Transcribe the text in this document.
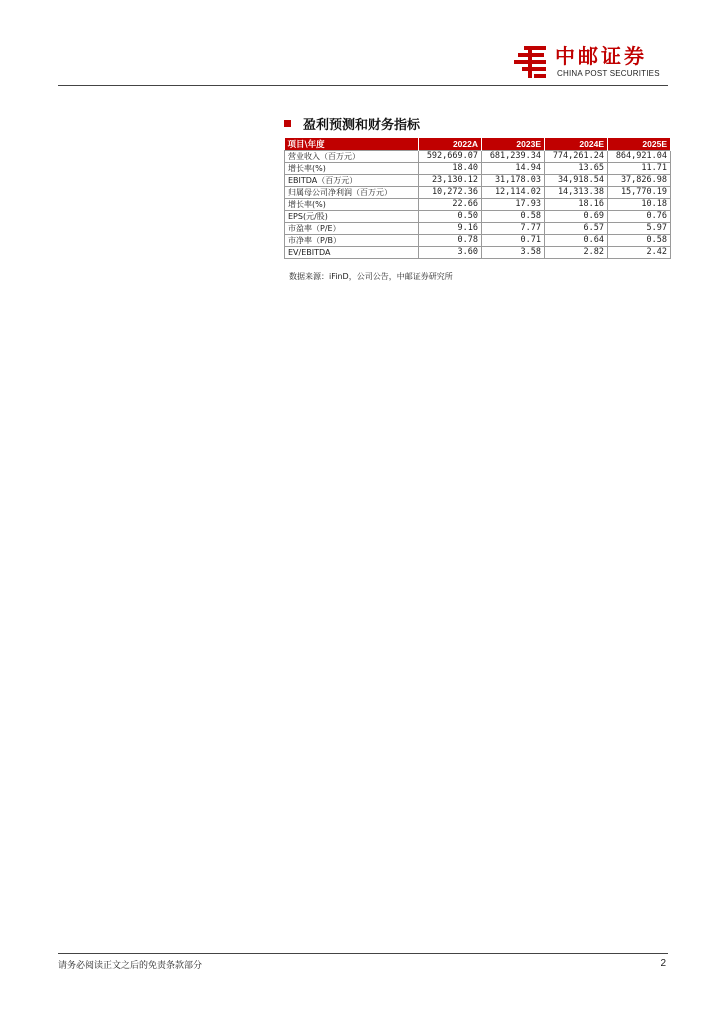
中邮证券
CHINA POST SECURITIES
盈利预测和财务指标
项目\年度	2022A	2023E	2024E	2025E
营业收入（百万元）	592,669.07	681,239.34	774,261.24	864,921.04
增长率(%)	18.40	14.94	13.65	11.71
EBITDA（百万元）	23,130.12	31,178.03	34,918.54	37,826.98
归属母公司净利润（百万元）	10,272.36	12,114.02	14,313.38	15,770.19
增长率(%)	22.66	17.93	18.16	10.18
EPS(元/股)	0.50	0.58	0.69	0.76
市盈率（P/E）	9.16	7.77	6.57	5.97
市净率（P/B）	0.78	0.71	0.64	0.58
EV/EBITDA	3.60	3.58	2.82	2.42
数据来源：iFinD，公司公告，中邮证券研究所
请务必阅读正文之后的免责条款部分	2
